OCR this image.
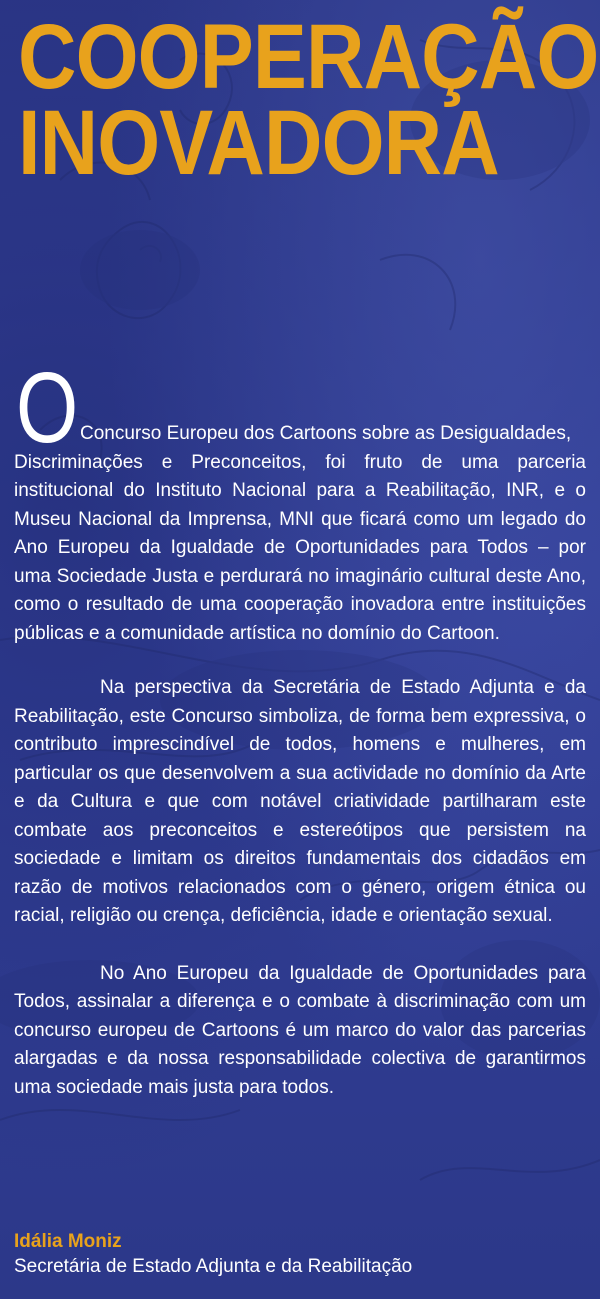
COOPERAÇÃO
INOVADORA
O Concurso Europeu dos Cartoons sobre as Desigualdades,
Discriminações e Preconceitos, foi fruto de uma parceria institucional do Instituto Nacional para a Reabilitação, INR, e o Museu Nacional da Imprensa, MNI que ficará como um legado do Ano Europeu da Igualdade de Oportunidades para Todos – por uma Sociedade Justa e perdurará no imaginário cultural deste Ano, como o resultado de uma cooperação inovadora entre instituições públicas e a comunidade artística no domínio do Cartoon.

Na perspectiva da Secretária de Estado Adjunta e da Reabilitação, este Concurso simboliza, de forma bem expressiva, o contributo imprescindível de todos, homens e mulheres, em particular os que desenvolvem a sua actividade no domínio da Arte e da Cultura e que com notável criatividade partilharam este combate aos preconceitos e estereótipos que persistem na sociedade e limitam os direitos fundamentais dos cidadãos em razão de motivos relacionados com o género, origem étnica ou racial, religião ou crença, deficiência, idade e orientação sexual.

No Ano Europeu da Igualdade de Oportunidades para Todos, assinalar a diferença e o combate à discriminação com um concurso europeu de Cartoons é um marco do valor das parcerias alargadas e da nossa responsabilidade colectiva de garantirmos uma sociedade mais justa para todos.

Idália Moniz
Secretária de Estado Adjunta e da Reabilitação
